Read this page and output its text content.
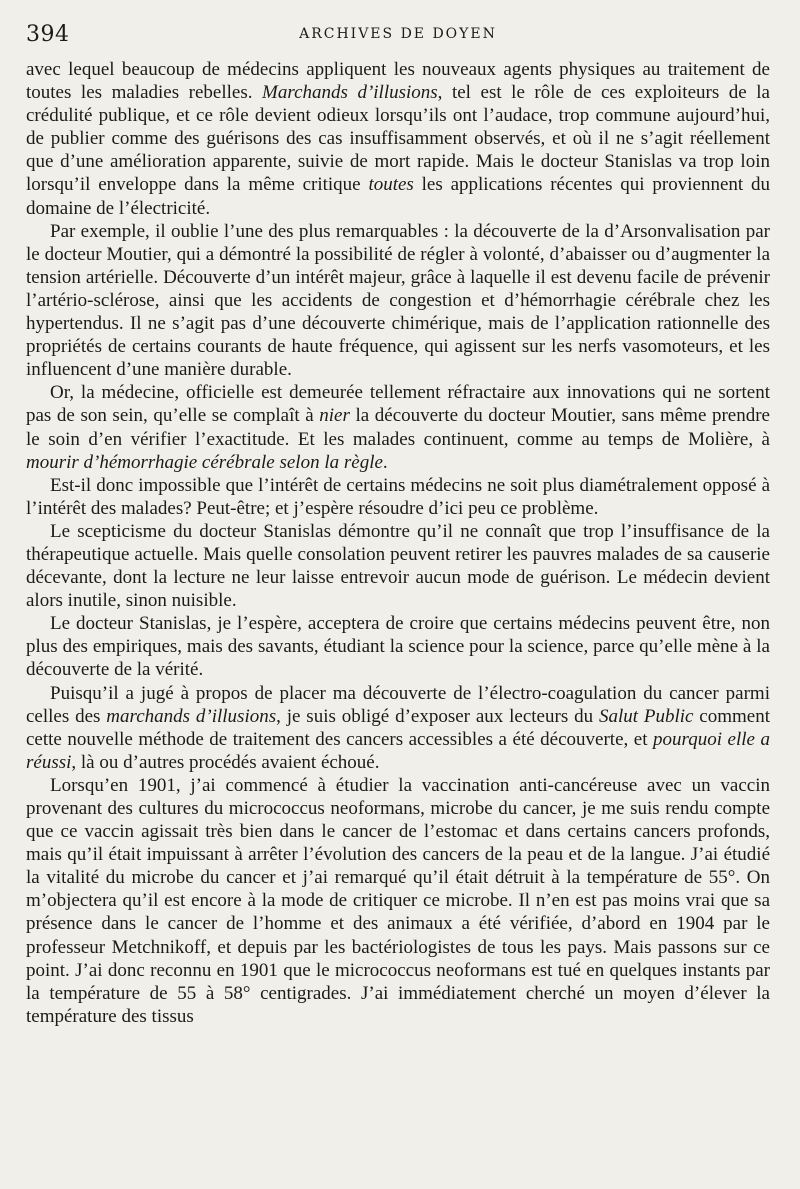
394	ARCHIVES DE DOYEN

avec lequel beaucoup de médecins appliquent les nouveaux agents physiques au traitement de toutes les maladies rebelles. Marchands d’illusions, tel est le rôle de ces exploiteurs de la crédulité publique, et ce rôle devient odieux lorsqu’ils ont l’audace, trop commune aujourd’hui, de publier comme des guérisons des cas insuffisamment observés, et où il ne s’agit réellement que d’une amélioration apparente, suivie de mort rapide. Mais le docteur Stanislas va trop loin lorsqu’il enveloppe dans la même critique toutes les applications récentes qui proviennent du domaine de l’électricité.

Par exemple, il oublie l’une des plus remarquables : la découverte de la d’Arsonvalisation par le docteur Moutier, qui a démontré la possibilité de régler à volonté, d’abaisser ou d’augmenter la tension artérielle. Découverte d’un intérêt majeur, grâce à laquelle il est devenu facile de prévenir l’artério-sclérose, ainsi que les accidents de congestion et d’hémorrhagie cérébrale chez les hypertendus. Il ne s’agit pas d’une découverte chimérique, mais de l’application rationnelle des propriétés de certains courants de haute fréquence, qui agissent sur les nerfs vasomoteurs, et les influencent d’une manière durable.

Or, la médecine, officielle est demeurée tellement réfractaire aux innovations qui ne sortent pas de son sein, qu’elle se complaît à nier la découverte du docteur Moutier, sans même prendre le soin d’en vérifier l’exactitude. Et les malades continuent, comme au temps de Molière, à mourir d’hémorrhagie cérébrale selon la règle.

Est-il donc impossible que l’intérêt de certains médecins ne soit plus diamétralement opposé à l’intérêt des malades? Peut-être; et j’espère résoudre d’ici peu ce problème.

Le scepticisme du docteur Stanislas démontre qu’il ne connaît que trop l’insuffisance de la thérapeutique actuelle. Mais quelle consolation peuvent retirer les pauvres malades de sa causerie décevante, dont la lecture ne leur laisse entrevoir aucun mode de guérison. Le médecin devient alors inutile, sinon nuisible.

Le docteur Stanislas, je l’espère, acceptera de croire que certains médecins peuvent être, non plus des empiriques, mais des savants, étudiant la science pour la science, parce qu’elle mène à la découverte de la vérité.

Puisqu’il a jugé à propos de placer ma découverte de l’électro-coagulation du cancer parmi celles des marchands d’illusions, je suis obligé d’exposer aux lecteurs du Salut Public comment cette nouvelle méthode de traitement des cancers accessibles a été découverte, et pourquoi elle a réussi, là ou d’autres procédés avaient échoué.

Lorsqu’en 1901, j’ai commencé à étudier la vaccination anti-cancéreuse avec un vaccin provenant des cultures du micrococcus neoformans, microbe du cancer, je me suis rendu compte que ce vaccin agissait très bien dans le cancer de l’estomac et dans certains cancers profonds, mais qu’il était impuissant à arrêter l’évolution des cancers de la peau et de la langue. J’ai étudié la vitalité du microbe du cancer et j’ai remarqué qu’il était détruit à la température de 55°. On m’objectera qu’il est encore à la mode de critiquer ce microbe. Il n’en est pas moins vrai que sa présence dans le cancer de l’homme et des animaux a été vérifiée, d’abord en 1904 par le professeur Metchnikoff, et depuis par les bactériologistes de tous les pays. Mais passons sur ce point. J’ai donc reconnu en 1901 que le micrococcus neoformans est tué en quelques instants par la température de 55 à 58° centigrades. J’ai immédiatement cherché un moyen d’élever la température des tissus
